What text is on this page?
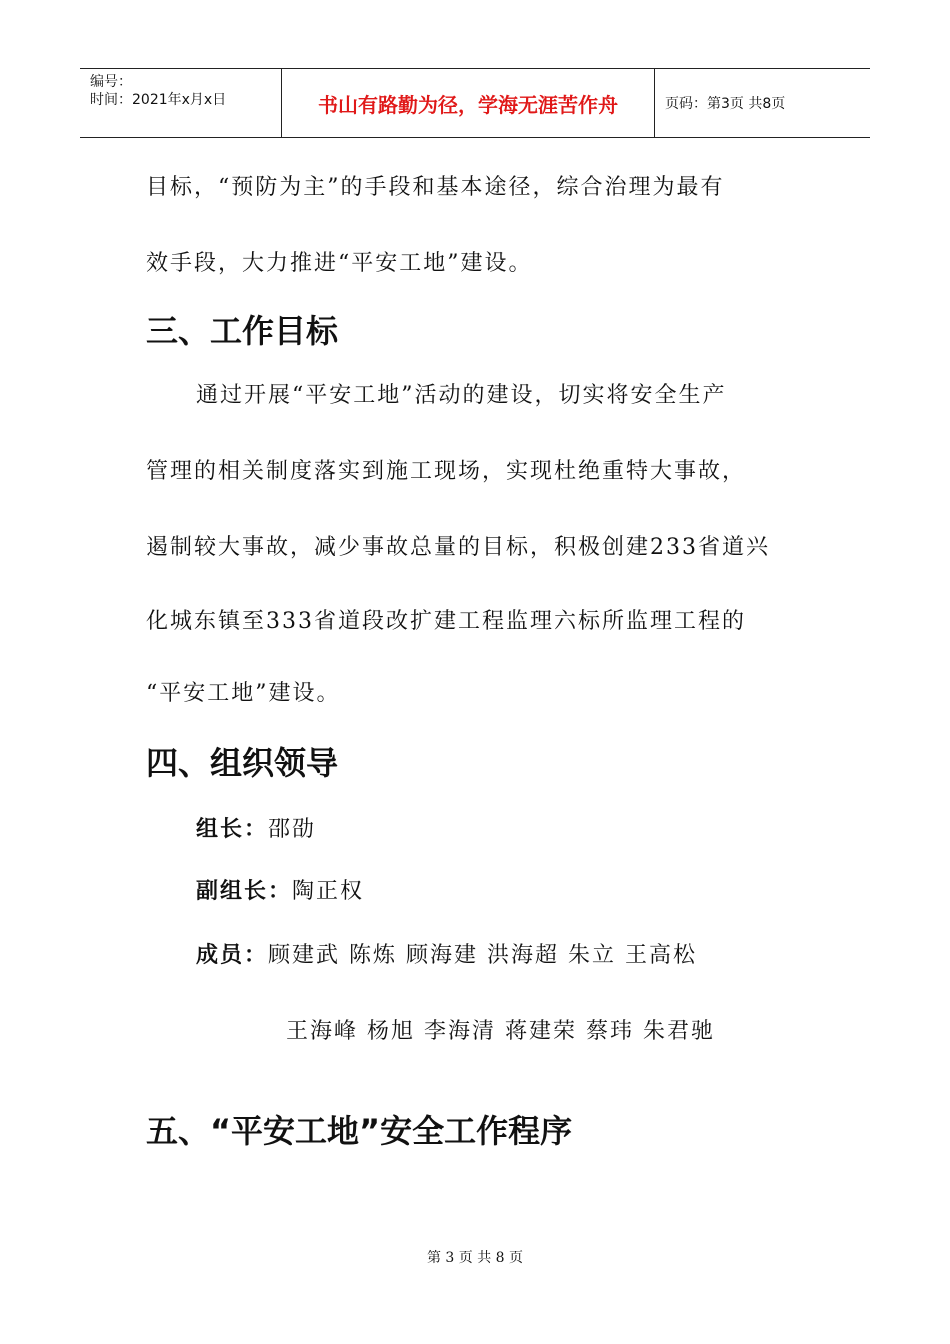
编号：
时间：2021年x月x日	书山有路勤为径，学海无涯苦作舟	页码：第3页 共8页
目标，“预防为主”的手段和基本途径，综合治理为最有
效手段，大力推进“平安工地”建设。
三、工作目标
通过开展“平安工地”活动的建设，切实将安全生产
管理的相关制度落实到施工现场，实现杜绝重特大事故，
遏制较大事故，减少事故总量的目标，积极创建233省道兴
化城东镇至333省道段改扩建工程监理六标所监理工程的
“平安工地”建设。
四、组织领导
组长：邵劭
副组长：陶正权
成员：顾建武 陈炼 顾海建 洪海超 朱立 王高松
王海峰 杨旭 李海清 蒋建荣 蔡玮 朱君驰
五、“平安工地”安全工作程序
第 3 页 共 8 页
